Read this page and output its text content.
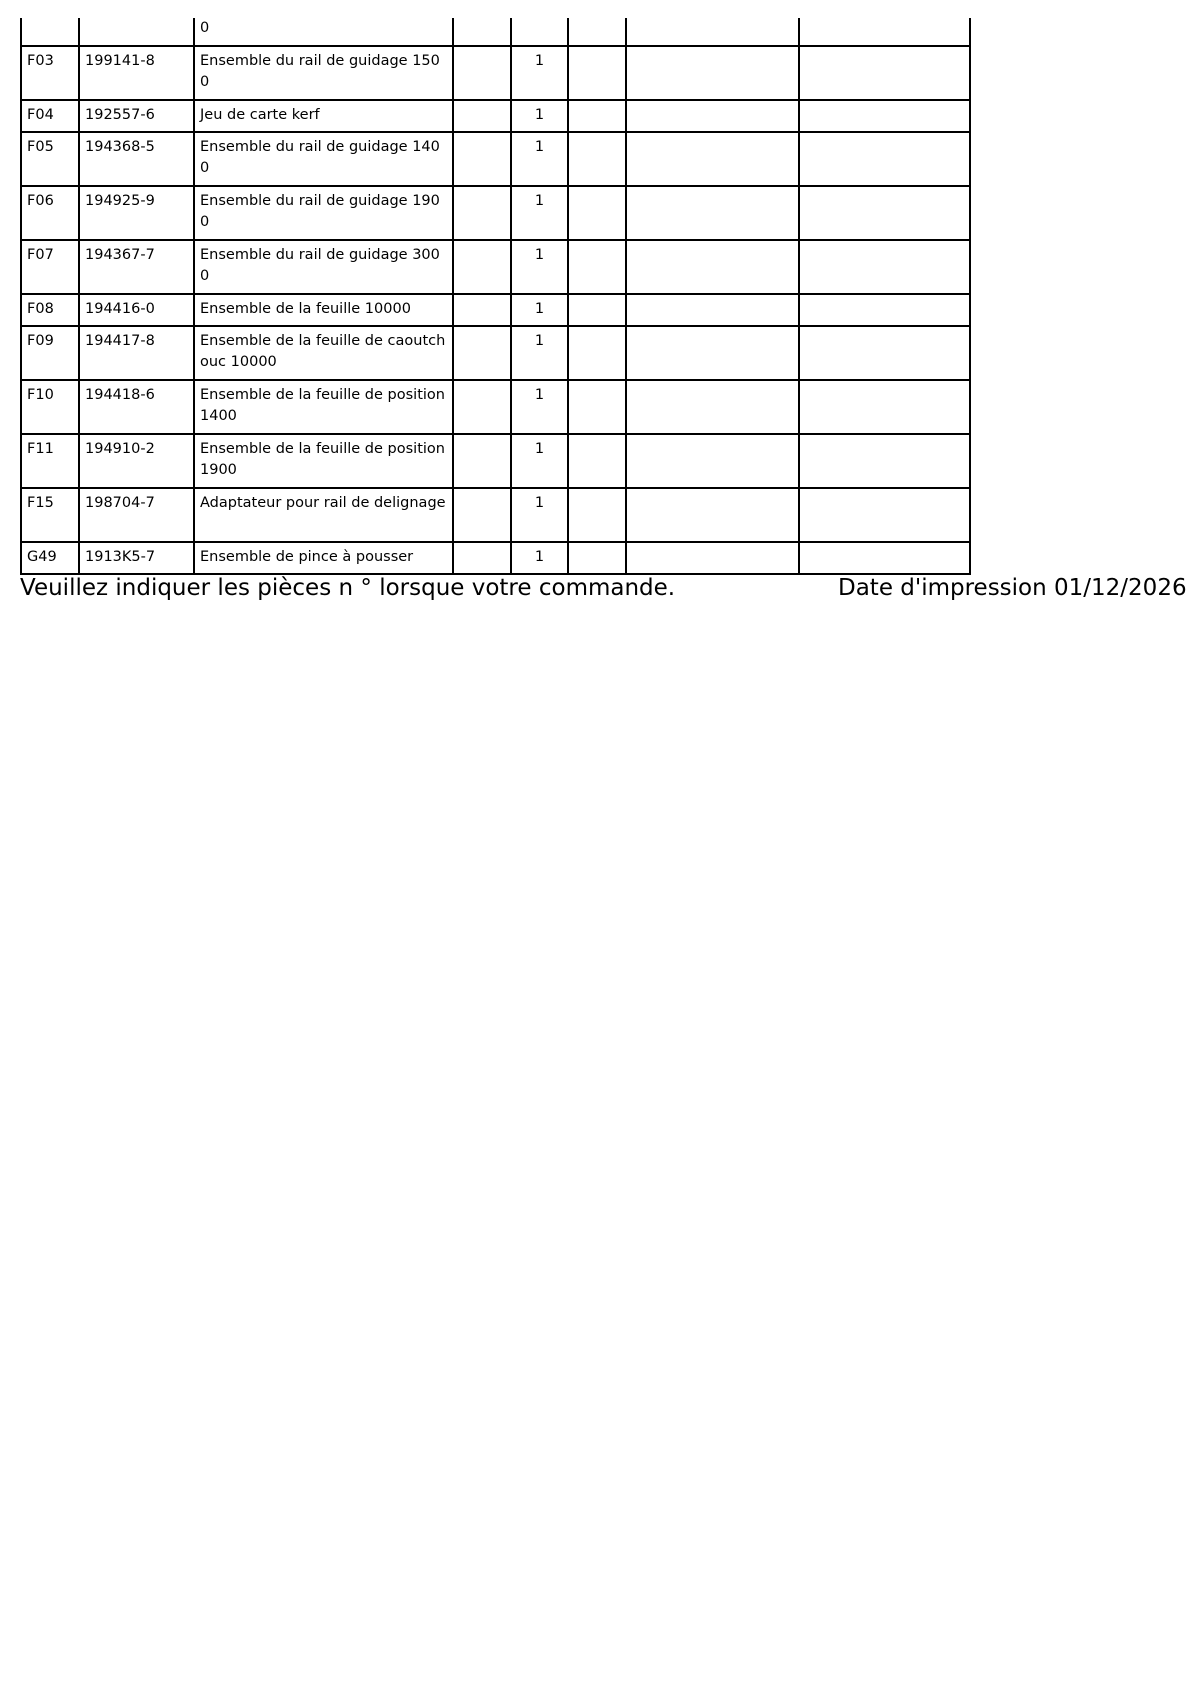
		0					
F03	199141-8	Ensemble du rail de guidage 1500		1			
F04	192557-6	Jeu de carte kerf		1			
F05	194368-5	Ensemble du rail de guidage 1400		1			
F06	194925-9	Ensemble du rail de guidage 1900		1			
F07	194367-7	Ensemble du rail de guidage 3000		1			
F08	194416-0	Ensemble de la feuille 10000		1			
F09	194417-8	Ensemble de la feuille de caoutchouc 10000		1			
F10	194418-6	Ensemble de la feuille de position 1400		1			
F11	194910-2	Ensemble de la feuille de position 1900		1			
F15	198704-7	Adaptateur pour rail de delignage		1			
G49	1913K5-7	Ensemble de pince à pousser		1			
Veuillez indiquer les pièces n ° lorsque votre commande.	Date d'impression 01/12/2026
